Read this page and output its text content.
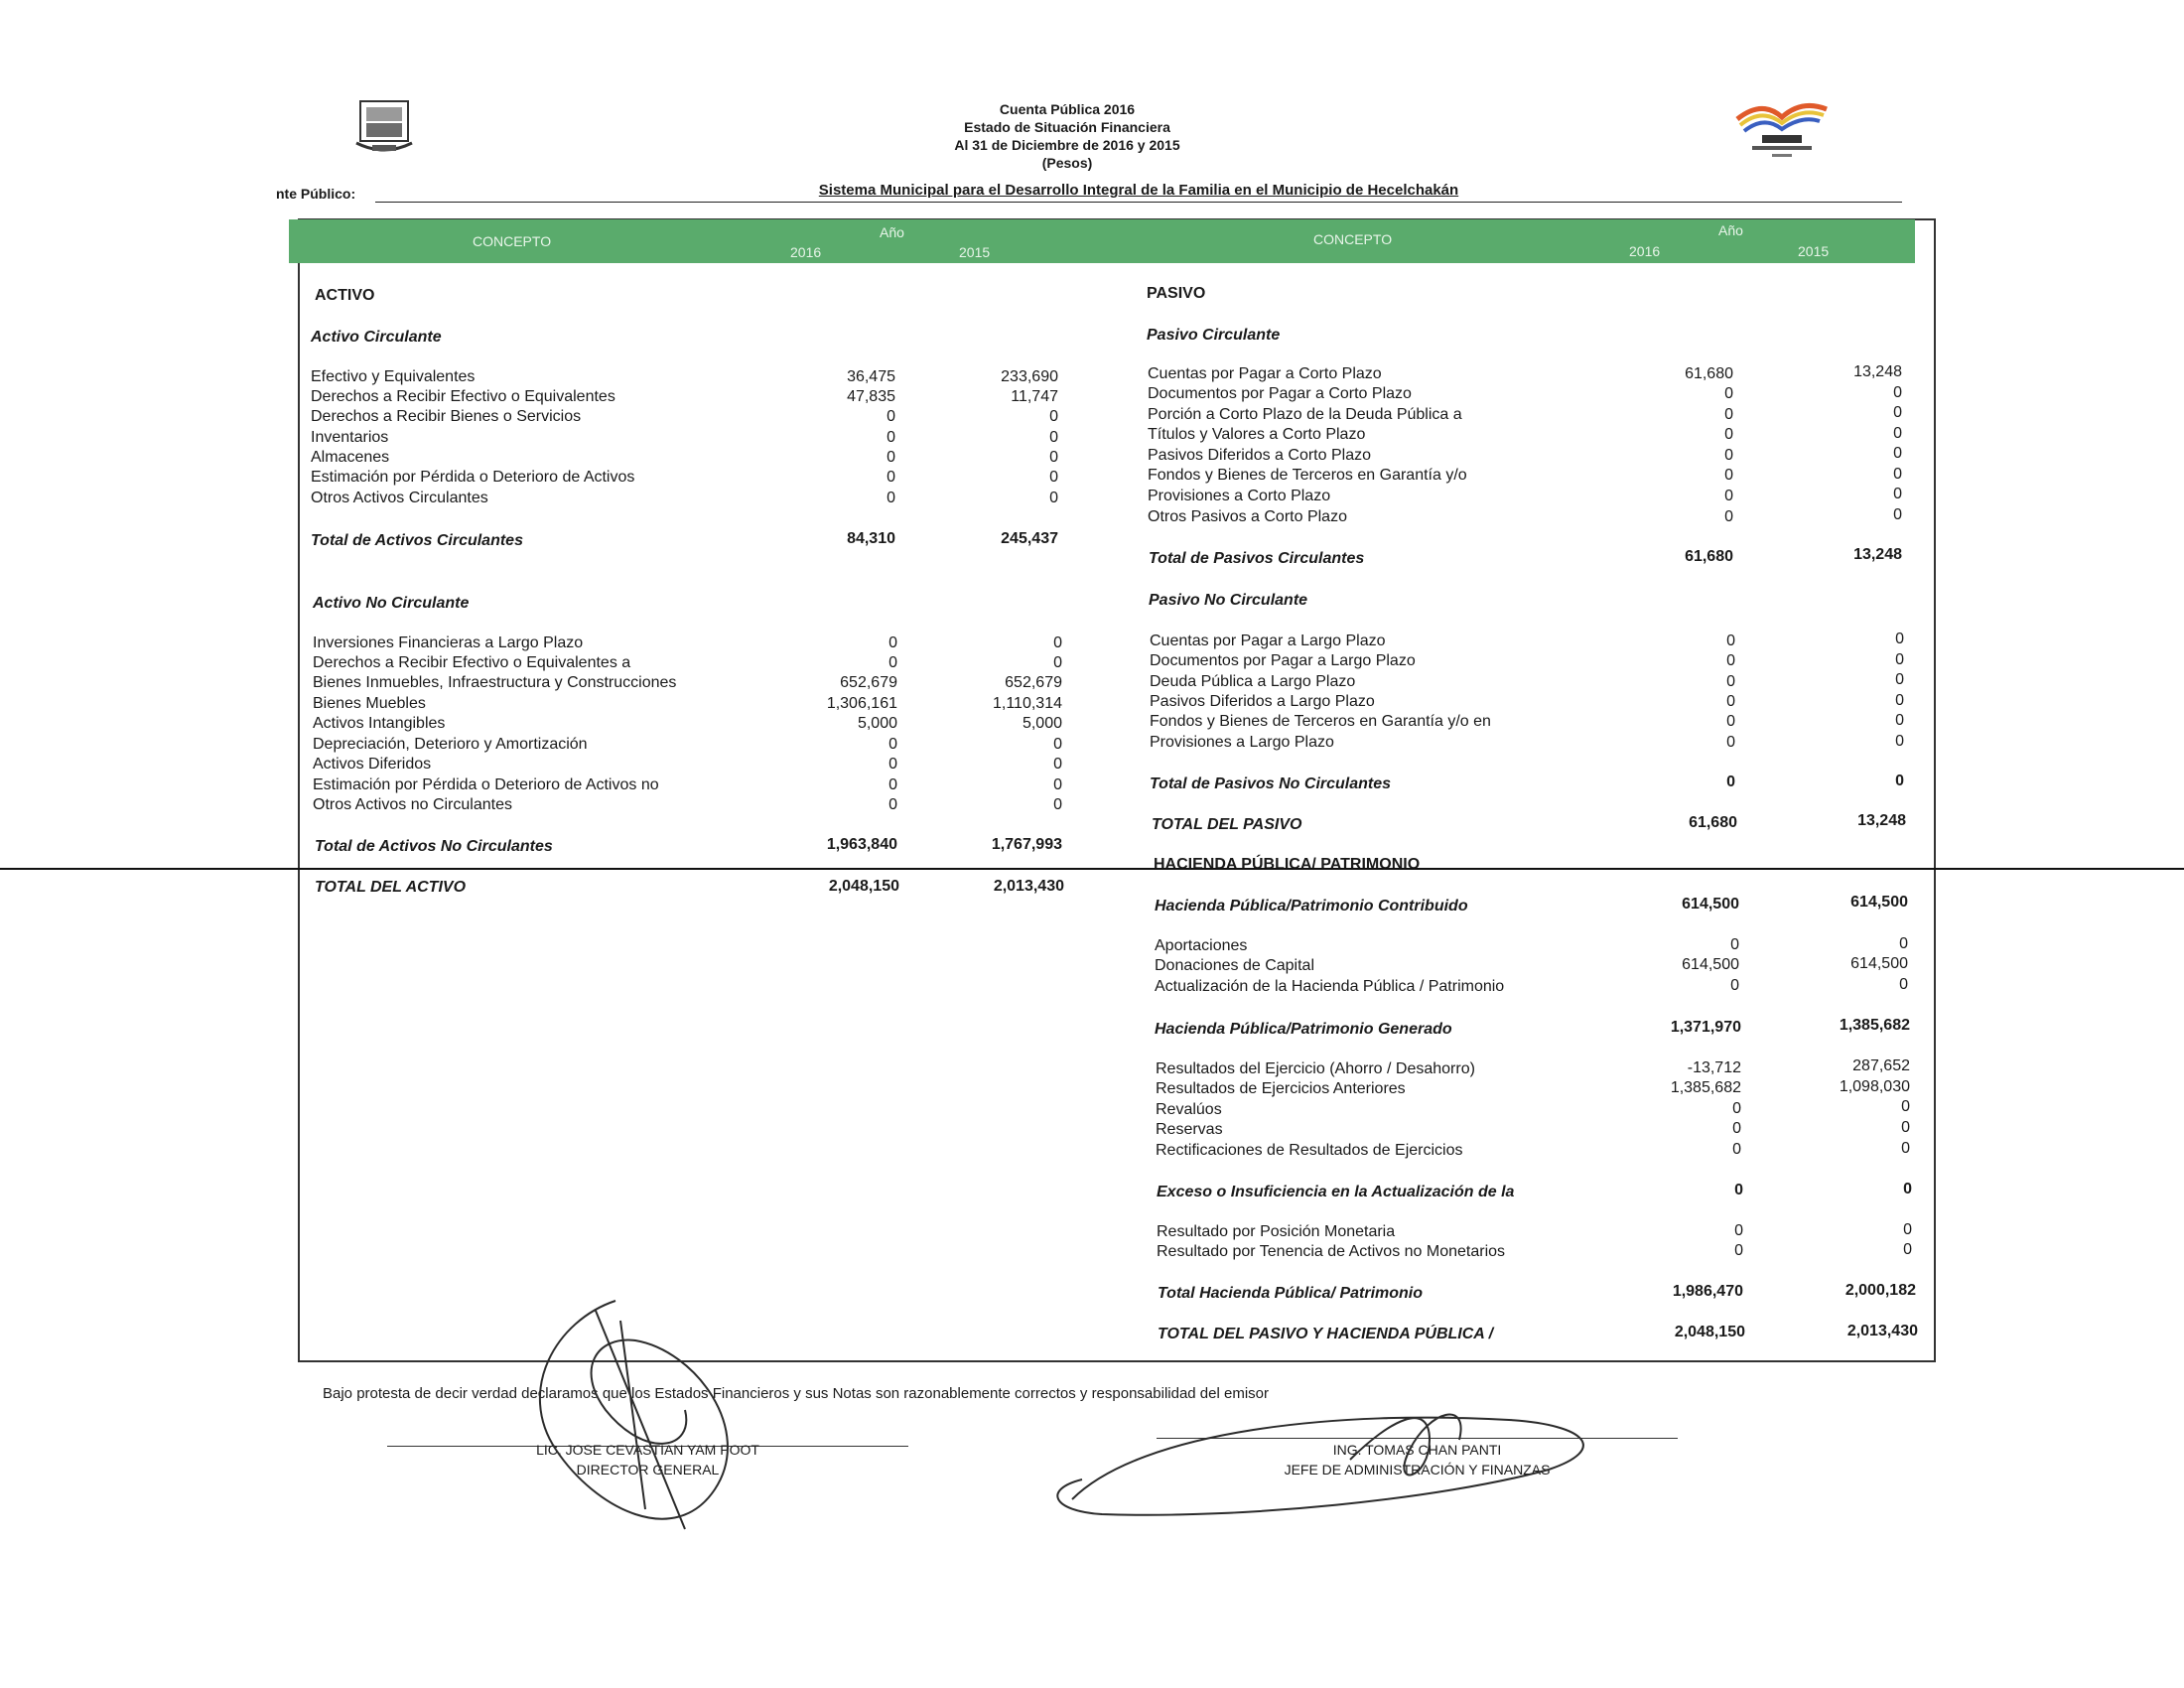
Cuenta Pública 2016
Estado de Situación Financiera
Al 31 de Diciembre de 2016 y 2015
(Pesos)
nte Público:	Sistema Municipal para el Desarrollo Integral de la Familia en el Municipio de Hecelchakán
CONCEPTO
Año
2016	2015
CONCEPTO
Año
2016	2015
ACTIVO
Activo Circulante
Efectivo y Equivalentes	36,475	233,690
Derechos a Recibir Efectivo o Equivalentes	47,835	11,747
Derechos a Recibir Bienes o Servicios	0	0
Inventarios	0	0
Almacenes	0	0
Estimación por Pérdida o Deterioro de Activos	0	0
Otros Activos Circulantes	0	0
Total de Activos Circulantes	84,310	245,437
Activo No Circulante
Inversiones Financieras a Largo Plazo	0	0
Derechos a Recibir Efectivo o Equivalentes a	0	0
Bienes Inmuebles, Infraestructura y Construcciones	652,679	652,679
Bienes Muebles	1,306,161	1,110,314
Activos Intangibles	5,000	5,000
Depreciación, Deterioro y Amortización	0	0
Activos Diferidos	0	0
Estimación por Pérdida o Deterioro de Activos no	0	0
Otros Activos no Circulantes	0	0
Total de Activos No Circulantes	1,963,840	1,767,993
TOTAL DEL ACTIVO	2,048,150	2,013,430
PASIVO
Pasivo Circulante
Cuentas por Pagar a Corto Plazo	61,680	13,248
Documentos por Pagar a Corto Plazo	0	0
Porción a Corto Plazo de la Deuda Pública a	0	0
Títulos y Valores a Corto Plazo	0	0
Pasivos Diferidos a Corto Plazo	0	0
Fondos y Bienes de Terceros en Garantía y/o	0	0
Provisiones a Corto Plazo	0	0
Otros Pasivos a Corto Plazo	0	0
Total de Pasivos Circulantes	61,680	13,248
Pasivo No Circulante
Cuentas por Pagar a Largo Plazo	0	0
Documentos por Pagar a Largo Plazo	0	0
Deuda Pública a Largo Plazo	0	0
Pasivos Diferidos a Largo Plazo	0	0
Fondos y Bienes de Terceros en Garantía y/o en	0	0
Provisiones a Largo Plazo	0	0
Total de Pasivos No Circulantes	0	0
TOTAL DEL PASIVO	61,680	13,248
HACIENDA PÚBLICA/ PATRIMONIO
Hacienda Pública/Patrimonio Contribuido	614,500	614,500
Aportaciones	0	0
Donaciones de Capital	614,500	614,500
Actualización de la Hacienda Pública / Patrimonio	0	0
Hacienda Pública/Patrimonio Generado	1,371,970	1,385,682
Resultados del Ejercicio (Ahorro / Desahorro)	-13,712	287,652
Resultados de Ejercicios Anteriores	1,385,682	1,098,030
Revalúos	0	0
Reservas	0	0
Rectificaciones de Resultados de Ejercicios	0	0
Exceso o Insuficiencia en la Actualización de la	0	0
Resultado por Posición Monetaria	0	0
Resultado por Tenencia de Activos no Monetarios	0	0
Total Hacienda Pública/ Patrimonio	1,986,470	2,000,182
TOTAL DEL PASIVO Y HACIENDA PÚBLICA /	2,048,150	2,013,430
Bajo protesta de decir verdad declaramos que los Estados Financieros y sus Notas son razonablemente correctos y responsabilidad del emisor
LIC. JOSE CEVASTIAN YAM POOT
DIRECTOR GENERAL
ING. TOMAS CHAN PANTI
JEFE DE ADMINISTRACIÓN Y FINANZAS
